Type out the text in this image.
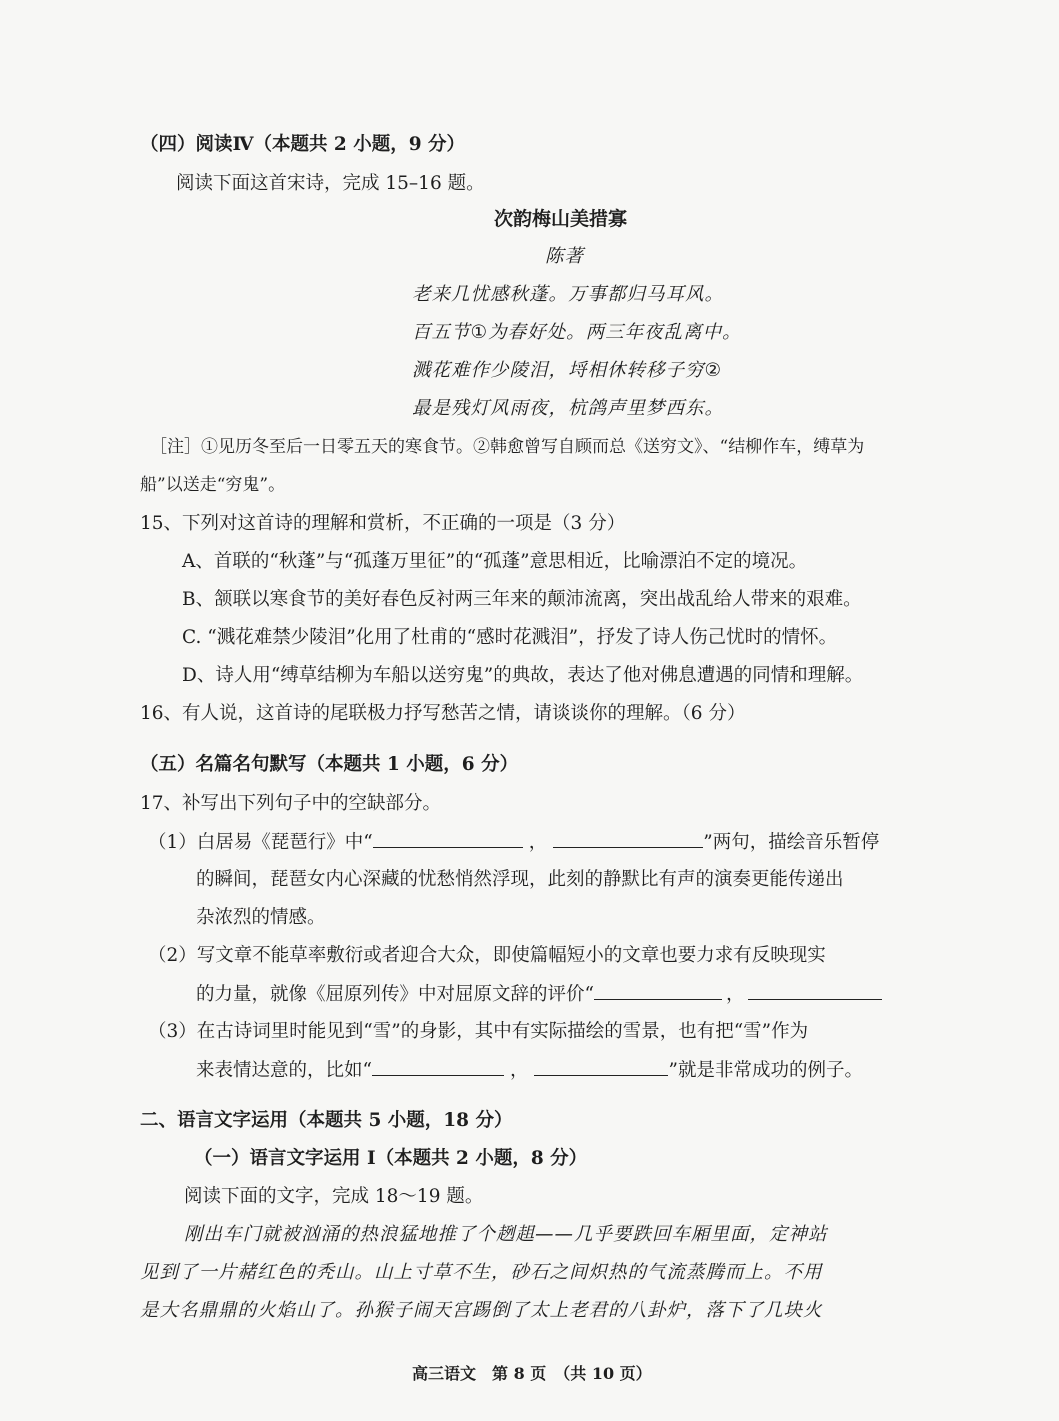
（四）阅读Ⅳ（本题共 2 小题，9 分）
阅读下面这首宋诗，完成 15–16 题。
次韵梅山美措寡
陈著
老来几忧感秋蓬。万事都归马耳风。
百五节①为春好处。两三年夜乱离中。
溅花难作少陵泪，埒相休转移子穷②
最是残灯风雨夜，杭鸽声里梦西东。
［注］①见历冬至后一日零五天的寒食节。②韩愈曾写自顾而总《送穷文》、“结柳作车，缚草为
船”以送走“穷鬼”。
15、下列对这首诗的理解和赏析，不正确的一项是（3 分）
A、首联的“秋蓬”与“孤蓬万里征”的“孤蓬”意思相近，比喻漂泊不定的境况。
B、颔联以寒食节的美好春色反衬两三年来的颠沛流离，突出战乱给人带来的艰难。
C. “溅花难禁少陵泪”化用了杜甫的“感时花溅泪”，抒发了诗人伤己忧时的情怀。
D、诗人用“缚草结柳为车船以送穷鬼”的典故，表达了他对佛息遭遇的同情和理解。
16、有人说，这首诗的尾联极力抒写愁苦之情，请谈谈你的理解。（6 分）
（五）名篇名句默写（本题共 1 小题，6 分）
17、补写出下列句子中的空缺部分。
（1）白居易《琵琶行》中“	，	”两句，描绘音乐暂停
的瞬间，琵琶女内心深藏的忧愁悄然浮现，此刻的静默比有声的演奏更能传递出
杂浓烈的情感。
（2）写文章不能草率敷衍或者迎合大众，即使篇幅短小的文章也要力求有反映现实
的力量，就像《屈原列传》中对屈原文辞的评价“	，
（3）在古诗词里时能见到“雪”的身影，其中有实际描绘的雪景，也有把“雪”作为
来表情达意的，比如“	，	”就是非常成功的例子。
二、语言文字运用（本题共 5 小题，18 分）
（一）语言文字运用 I（本题共 2 小题，8 分）
阅读下面的文字，完成 18～19 题。
刚出车门就被汹涌的热浪猛地推了个趔趄——几乎要跌回车厢里面，定神站
见到了一片赭红色的秃山。山上寸草不生，砂石之间炽热的气流蒸腾而上。不用
是大名鼎鼎的火焰山了。孙猴子闹天宫踢倒了太上老君的八卦炉，落下了几块火
高三语文　第 8 页　（共 10 页）
